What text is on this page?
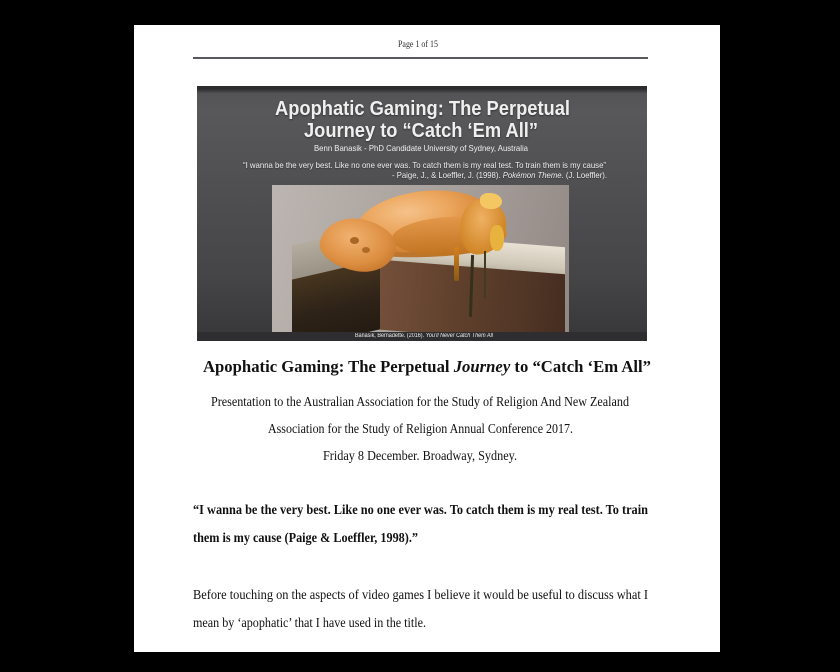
Page 1 of 15
Apophatic Gaming: The Perpetual
Journey to “Catch ‘Em All”
Benn Banasik - PhD Candidate University of Sydney, Australia
“I wanna be the very best. Like no one ever was. To catch them is my real test. To train them is my cause”
- Paige, J., & Loeffler, J. (1998). Pokémon Theme. (J. Loeffler).
Banasik, Bernadette. (2016). You’ll Never Catch Them All
Apophatic Gaming: The Perpetual Journey to “Catch ‘Em All”
Presentation to the Australian Association for the Study of Religion And New Zealand
Association for the Study of Religion Annual Conference 2017.
Friday 8 December. Broadway, Sydney.
“I wanna be the very best. Like no one ever was. To catch them is my real test. To train
them is my cause (Paige & Loeffler, 1998).”
Before touching on the aspects of video games I believe it would be useful to discuss what I
mean by ‘apophatic’ that I have used in the title.
